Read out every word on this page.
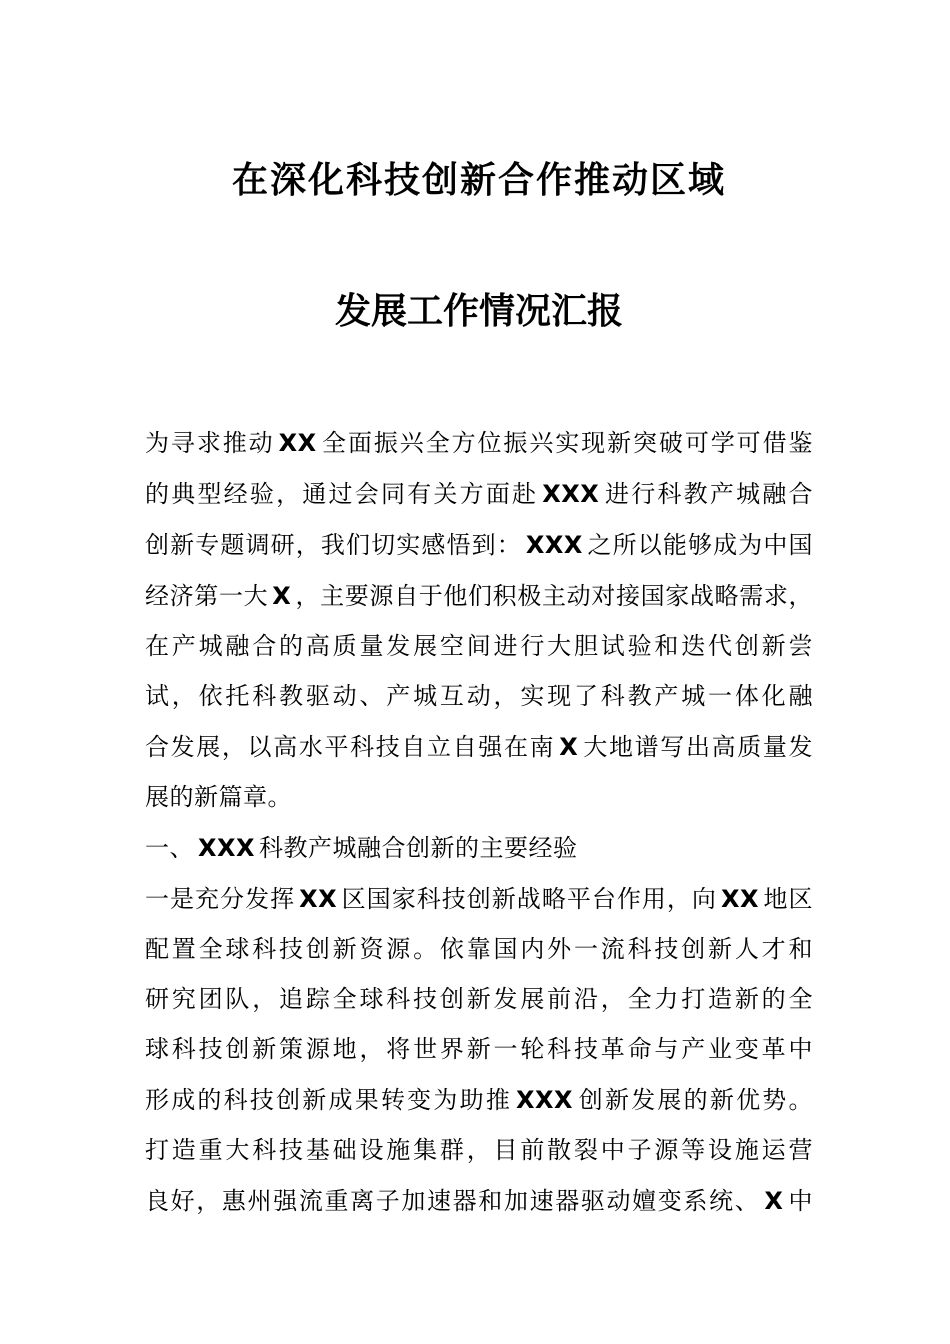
在深化科技创新合作推动区域
发展工作情况汇报
为寻求推动 XX 全面振兴全方位振兴实现新突破可学可借鉴
的典型经验，通过会同有关方面赴 XXX 进行科教产城融合
创新专题调研，我们切实感悟到： XXX 之所以能够成为中国
经济第一大 X ，主要源自于他们积极主动对接国家战略需求，
在产城融合的高质量发展空间进行大胆试验和迭代创新尝
试，依托科教驱动、产城互动，实现了科教产城一体化融
合发展，以高水平科技自立自强在南 X 大地谱写出高质量发
展的新篇章。
一、 XXX 科教产城融合创新的主要经验
一是充分发挥 XX 区国家科技创新战略平台作用，向 XX 地区
配置全球科技创新资源。依靠国内外一流科技创新人才和
研究团队，追踪全球科技创新发展前沿，全力打造新的全
球科技创新策源地，将世界新一轮科技革命与产业变革中
形成的科技创新成果转变为助推 XXX 创新发展的新优势。
打造重大科技基础设施集群，目前散裂中子源等设施运营
良好，惠州强流重离子加速器和加速器驱动嬗变系统、 X 中
